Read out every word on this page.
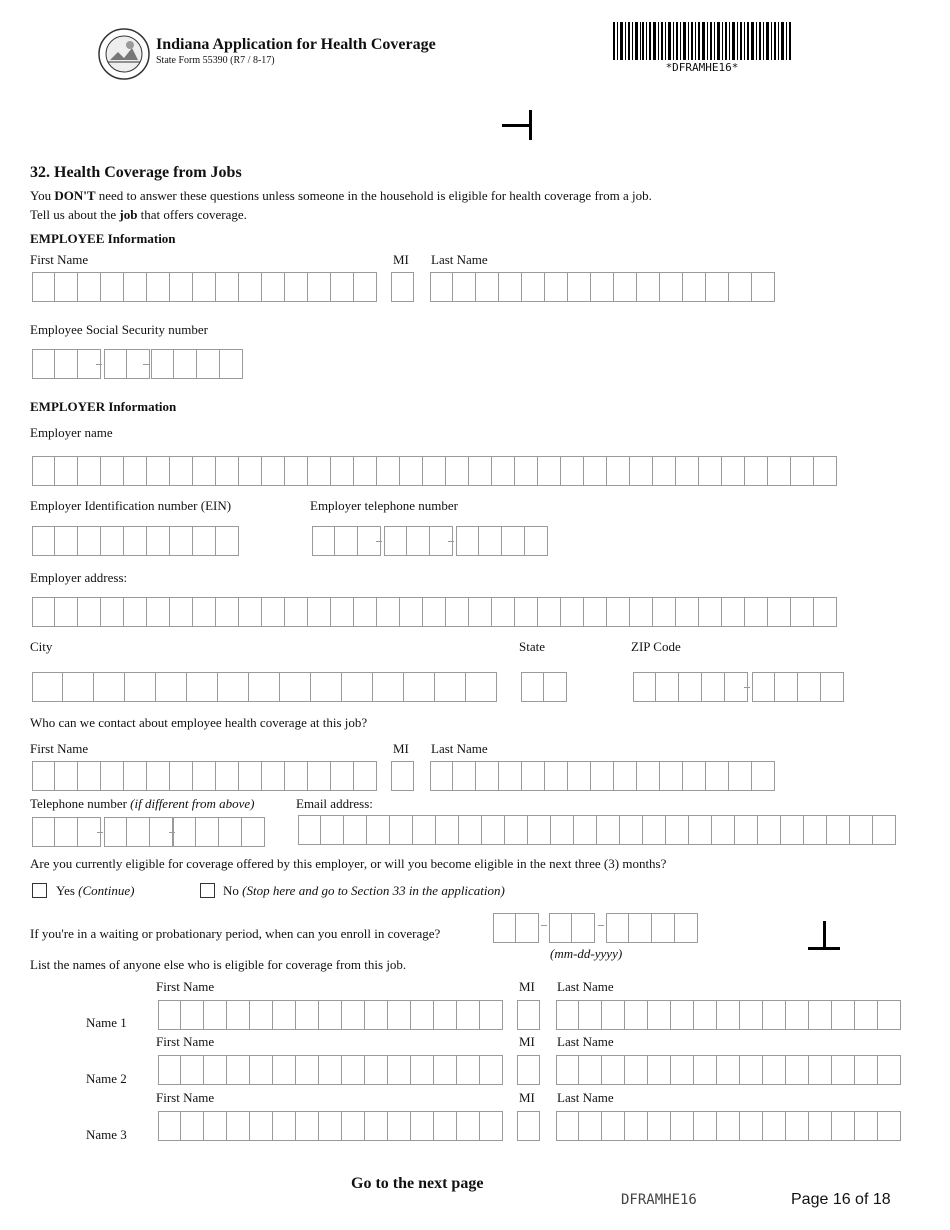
Indiana Application for Health Coverage
State Form 55390 (R7 / 8-17)
*DFRAMHE16*
32. Health Coverage from Jobs
You DON'T need to answer these questions unless someone in the household is eligible for health coverage from a job.
Tell us about the job that offers coverage.
EMPLOYEE Information
First Name	MI Last Name
Employee Social Security number
EMPLOYER Information
Employer name
Employer Identification number (EIN)	Employer telephone number
Employer address:
City	State	ZIP Code
Who can we contact about employee health coverage at this job?
First Name	MI Last Name
Telephone number (if different from above)	Email address:
Are you currently eligible for coverage offered by this employer, or will you become eligible in the next three (3) months?
Yes (Continue)	No (Stop here and go to Section 33 in the application)
If you're in a waiting or probationary period, when can you enroll in coverage?
(mm-dd-yyyy)
List the names of anyone else who is eligible for coverage from this job.
First Name	MI Last Name
Name 1
First Name	MI Last Name
Name 2
First Name	MI Last Name
Name 3
Go to the next page
DFRAMHE16	Page 16 of 18
